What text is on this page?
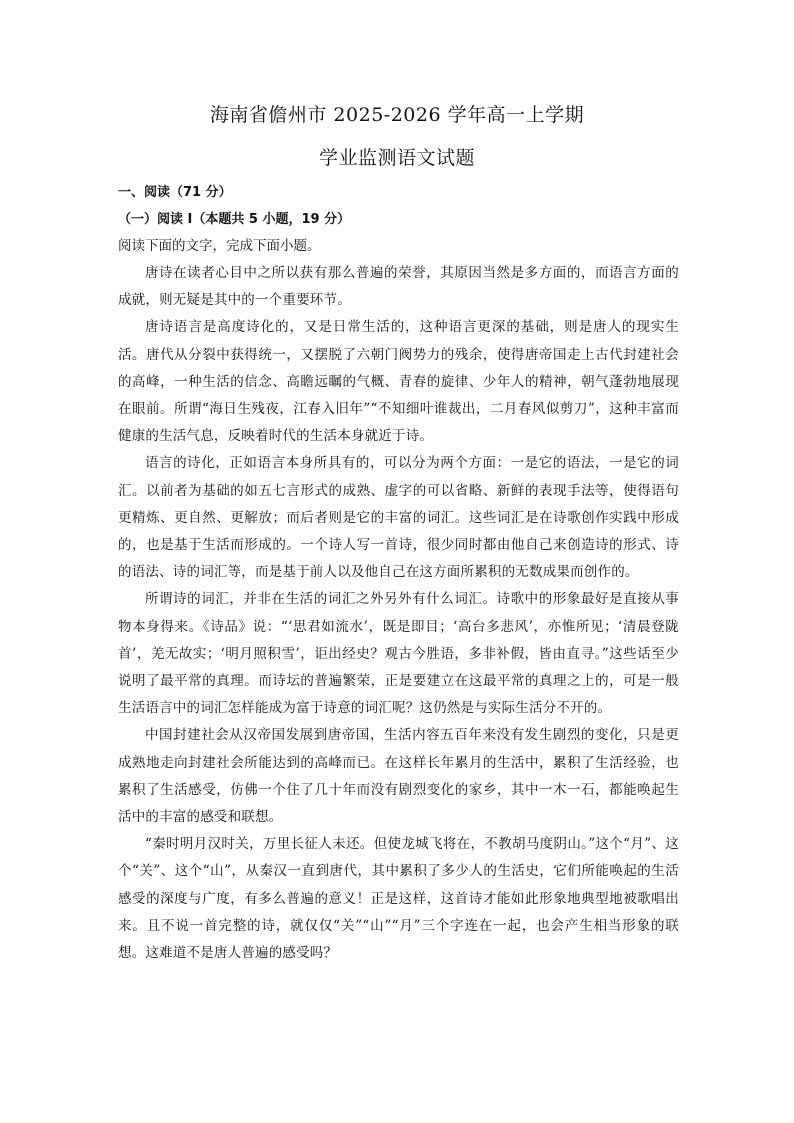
海南省儋州市 2025-2026 学年高一上学期
学业监测语文试题
一、阅读（71 分）
（一）阅读 I（本题共 5 小题，19 分）

阅读下面的文字，完成下面小题。

唐诗在读者心目中之所以获有那么普遍的荣誉，其原因当然是多方面的，而语言方面的成就，则无疑是其中的一个重要环节。

唐诗语言是高度诗化的，又是日常生活的，这种语言更深的基础，则是唐人的现实生活。唐代从分裂中获得统一，又摆脱了六朝门阀势力的残余，使得唐帝国走上古代封建社会的高峰，一种生活的信念、高瞻远瞩的气概、青春的旋律、少年人的精神，朝气蓬勃地展现在眼前。所谓“海日生残夜，江春入旧年”“不知细叶谁裁出，二月春风似剪刀”，这种丰富而健康的生活气息，反映着时代的生活本身就近于诗。

语言的诗化，正如语言本身所具有的，可以分为两个方面：一是它的语法，一是它的词汇。以前者为基础的如五七言形式的成熟、虚字的可以省略、新鲜的表现手法等，使得语句更精炼、更自然、更解放；而后者则是它的丰富的词汇。这些词汇是在诗歌创作实践中形成的，也是基于生活而形成的。一个诗人写一首诗，很少同时都由他自己来创造诗的形式、诗的语法、诗的词汇等，而是基于前人以及他自己在这方面所累积的无数成果而创作的。

所谓诗的词汇，并非在生活的词汇之外另外有什么词汇。诗歌中的形象最好是直接从事物本身得来。《诗品》说：“‘思君如流水’，既是即目；‘高台多悲风’，亦惟所见；‘清晨登陇首’，羌无故实；‘明月照积雪’，讵出经史？观古今胜语，多非补假，皆由直寻。”这些话至少说明了最平常的真理。而诗坛的普遍繁荣，正是要建立在这最平常的真理之上的，可是一般生活语言中的词汇怎样能成为富于诗意的词汇呢？这仍然是与实际生活分不开的。

中国封建社会从汉帝国发展到唐帝国，生活内容五百年来没有发生剧烈的变化，只是更成熟地走向封建社会所能达到的高峰而已。在这样长年累月的生活中，累积了生活经验，也累积了生活感受，仿佛一个住了几十年而没有剧烈变化的家乡，其中一木一石，都能唤起生活中的丰富的感受和联想。

“秦时明月汉时关，万里长征人未还。但使龙城飞将在，不教胡马度阴山。”这个“月”、这个“关”、这个“山”，从秦汉一直到唐代，其中累积了多少人的生活史，它们所能唤起的生活感受的深度与广度，有多么普遍的意义！正是这样，这首诗才能如此形象地典型地被歌唱出来。且不说一首完整的诗，就仅仅“关”“山”“月”三个字连在一起，也会产生相当形象的联想。这难道不是唐人普遍的感受吗？
